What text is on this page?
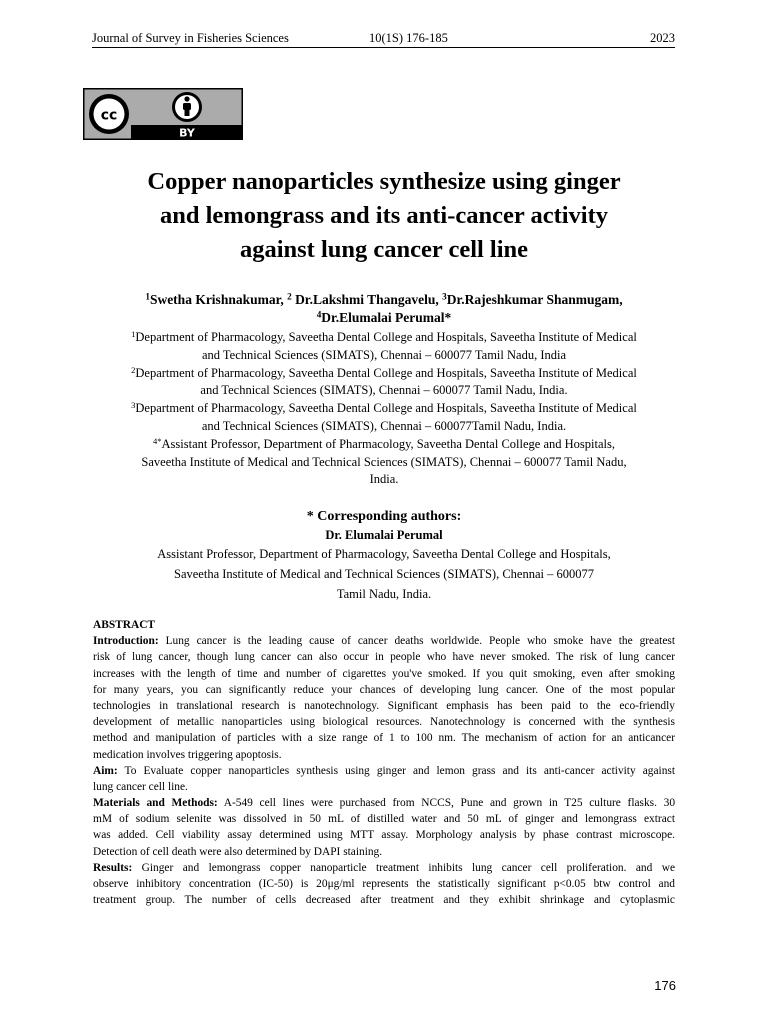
Journal of Survey in Fisheries Sciences	10(1S) 176-185	2023
cc
BY
Copper nanoparticles synthesize using ginger
and lemongrass and its anti-cancer activity
against lung cancer cell line
$^1$Swetha Krishnakumar, $^2$ Dr.Lakshmi Thangavelu, $^3$Dr.Rajeshkumar Shanmugam,
$^4$Dr.Elumalai Perumal*
$^1$Department of Pharmacology, Saveetha Dental College and Hospitals, Saveetha Institute of Medical
and Technical Sciences (SIMATS), Chennai – 600077 Tamil Nadu, India
$^2$Department of Pharmacology, Saveetha Dental College and Hospitals, Saveetha Institute of Medical
and Technical Sciences (SIMATS), Chennai – 600077 Tamil Nadu, India.
$^3$Department of Pharmacology, Saveetha Dental College and Hospitals, Saveetha Institute of Medical
and Technical Sciences (SIMATS), Chennai – 600077Tamil Nadu, India.
$^{4*}$Assistant Professor, Department of Pharmacology, Saveetha Dental College and Hospitals,
Saveetha Institute of Medical and Technical Sciences (SIMATS), Chennai – 600077 Tamil Nadu,
India.
* Corresponding authors:
Dr. Elumalai Perumal
Assistant Professor, Department of Pharmacology, Saveetha Dental College and Hospitals,
Saveetha Institute of Medical and Technical Sciences (SIMATS), Chennai – 600077
Tamil Nadu, India.
ABSTRACT
Introduction: Lung cancer is the leading cause of cancer deaths worldwide. People who smoke have the greatest
risk of lung cancer, though lung cancer can also occur in people who have never smoked. The risk of lung cancer
increases with the length of time and number of cigarettes you've smoked. If you quit smoking, even after smoking
for many years, you can significantly reduce your chances of developing lung cancer. One of the most popular
technologies in translational research is nanotechnology. Significant emphasis has been paid to the eco-friendly
development of metallic nanoparticles using biological resources. Nanotechnology is concerned with the synthesis
method and manipulation of particles with a size range of 1 to 100 nm. The mechanism of action for an anticancer
medication involves triggering apoptosis.
Aim: To Evaluate copper nanoparticles synthesis using ginger and lemon grass and its anti-cancer activity against
lung cancer cell line.
Materials and Methods: A-549 cell lines were purchased from NCCS, Pune and grown in T25 culture flasks. 30
mM of sodium selenite was dissolved in 50 mL of distilled water and 50 mL of ginger and lemongrass extract
was added. Cell viability assay determined using MTT assay. Morphology analysis by phase contrast microscope.
Detection of cell death were also determined by DAPI staining.
Results: Ginger and lemongrass copper nanoparticle treatment inhibits lung cancer cell proliferation. and we
observe inhibitory concentration (IC-50) is 20μg/ml represents the statistically significant p<0.05 btw control and
treatment group. The number of cells decreased after treatment and they exhibit shrinkage and cytoplasmic
176
